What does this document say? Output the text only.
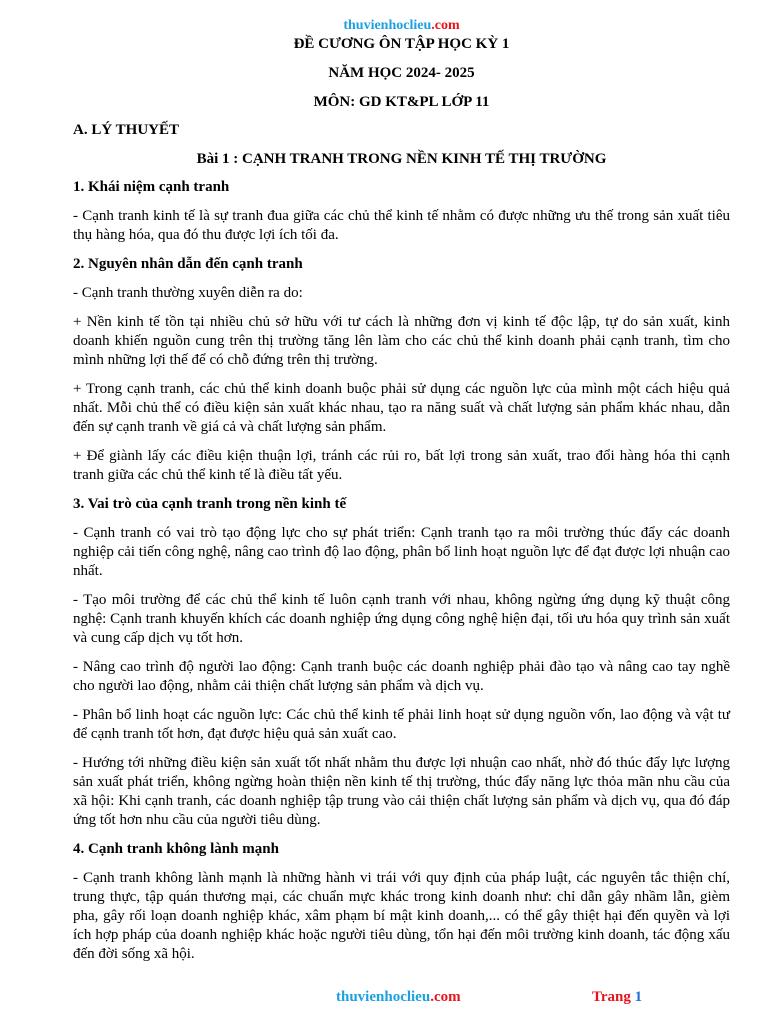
thuvienhoclieu.com
ĐỀ CƯƠNG ÔN TẬP HỌC KỲ 1
NĂM HỌC 2024- 2025
MÔN: GD KT&PL LỚP 11
A. LÝ THUYẾT
Bài 1 : CẠNH TRANH TRONG NỀN KINH TẾ THỊ TRƯỜNG
1. Khái niệm cạnh tranh

- Cạnh tranh kinh tế là sự tranh đua giữa các chủ thể kinh tế nhằm có được những ưu thế trong sản xuất tiêu thụ hàng hóa, qua đó thu được lợi ích tối đa.

2. Nguyên nhân dẫn đến cạnh tranh

- Cạnh tranh thường xuyên diễn ra do:

+ Nền kinh tế tồn tại nhiều chủ sở hữu với tư cách là những đơn vị kinh tế độc lập, tự do sản xuất, kinh doanh khiến nguồn cung trên thị trường tăng lên làm cho các chủ thể kinh doanh phải cạnh tranh, tìm cho mình những lợi thế để có chỗ đứng trên thị trường.

+ Trong cạnh tranh, các chủ thể kinh doanh buộc phải sử dụng các nguồn lực của mình một cách hiệu quả nhất. Mỗi chủ thể có điều kiện sản xuất khác nhau, tạo ra năng suất và chất lượng sản phẩm khác nhau, dẫn đến sự cạnh tranh về giá cả và chất lượng sản phẩm.

+ Để giành lấy các điều kiện thuận lợi, tránh các rủi ro, bất lợi trong sản xuất, trao đổi hàng hóa thi cạnh tranh giữa các chủ thể kinh tế là điều tất yếu.

3. Vai trò của cạnh tranh trong nền kinh tế

- Cạnh tranh có vai trò tạo động lực cho sự phát triển: Cạnh tranh tạo ra môi trường thúc đẩy các doanh nghiệp cải tiến công nghệ, nâng cao trình độ lao động, phân bổ linh hoạt nguồn lực để đạt được lợi nhuận cao nhất.

- Tạo môi trường để các chủ thể kinh tế luôn cạnh tranh với nhau, không ngừng ứng dụng kỹ thuật công nghệ: Cạnh tranh khuyến khích các doanh nghiệp ứng dụng công nghệ hiện đại, tối ưu hóa quy trình sản xuất và cung cấp dịch vụ tốt hơn.

- Nâng cao trình độ người lao động: Cạnh tranh buộc các doanh nghiệp phải đào tạo và nâng cao tay nghề cho người lao động, nhằm cải thiện chất lượng sản phẩm và dịch vụ.

- Phân bổ linh hoạt các nguồn lực: Các chủ thể kinh tế phải linh hoạt sử dụng nguồn vốn, lao động và vật tư để cạnh tranh tốt hơn, đạt được hiệu quả sản xuất cao.

- Hướng tới những điều kiện sản xuất tốt nhất nhằm thu được lợi nhuận cao nhất, nhờ đó thúc đẩy lực lượng sản xuất phát triển, không ngừng hoàn thiện nền kinh tế thị trường, thúc đẩy năng lực thỏa mãn nhu cầu của xã hội: Khi cạnh tranh, các doanh nghiệp tập trung vào cải thiện chất lượng sản phẩm và dịch vụ, qua đó đáp ứng tốt hơn nhu cầu của người tiêu dùng.

4. Cạnh tranh không lành mạnh

- Cạnh tranh không lành mạnh là những hành vi trái với quy định của pháp luật, các nguyên tắc thiện chí, trung thực, tập quán thương mại, các chuẩn mực khác trong kinh doanh như: chỉ dẫn gây nhầm lẫn, gièm pha, gây rối loạn doanh nghiệp khác, xâm phạm bí mật kinh doanh,... có thể gây thiệt hại đến quyền và lợi ích hợp pháp của doanh nghiệp khác hoặc người tiêu dùng, tổn hại đến môi trường kinh doanh, tác động xấu đến đời sống xã hội.

thuvienhoclieu.com	Trang 1
